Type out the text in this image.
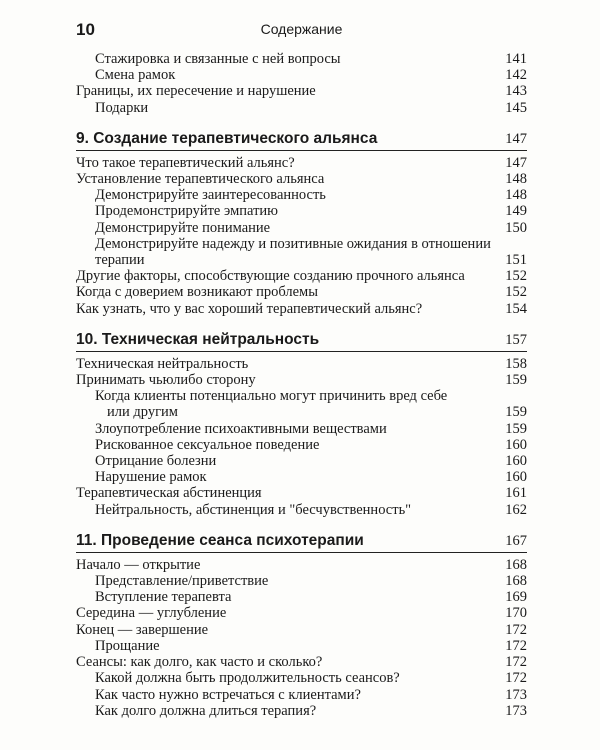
10	Содержание
Стажировка и связанные с ней вопросы	141
Смена рамок	142
Границы, их пересечение и нарушение	143
Подарки	145
9. Создание терапевтического альянса	147
Что такое терапевтический альянс?	147
Установление терапевтического альянса	148
Демонстрируйте заинтересованность	148
Продемонстрируйте эмпатию	149
Демонстрируйте понимание	150
Демонстрируйте надежду и позитивные ожидания в отношении
терапии	151
Другие факторы, способствующие созданию прочного альянса	152
Когда с доверием возникают проблемы	152
Как узнать, что у вас хороший терапевтический альянс?	154
10. Техническая нейтральность	157
Техническая нейтральность	158
Принимать чьюлибо сторону	159
Когда клиенты потенциально могут причинить вред себе
или другим	159
Злоупотребление психоактивными веществами	159
Рискованное сексуальное поведение	160
Отрицание болезни	160
Нарушение рамок	160
Терапевтическая абстиненция	161
Нейтральность, абстиненция и "бесчувственность"	162
11. Проведение сеанса психотерапии	167
Начало — открытие	168
Представление/приветствие	168
Вступление терапевта	169
Середина — углубление	170
Конец — завершение	172
Прощание	172
Сеансы: как долго, как часто и сколько?	172
Какой должна быть продолжительность сеансов?	172
Как часто нужно встречаться с клиентами?	173
Как долго должна длиться терапия?	173
